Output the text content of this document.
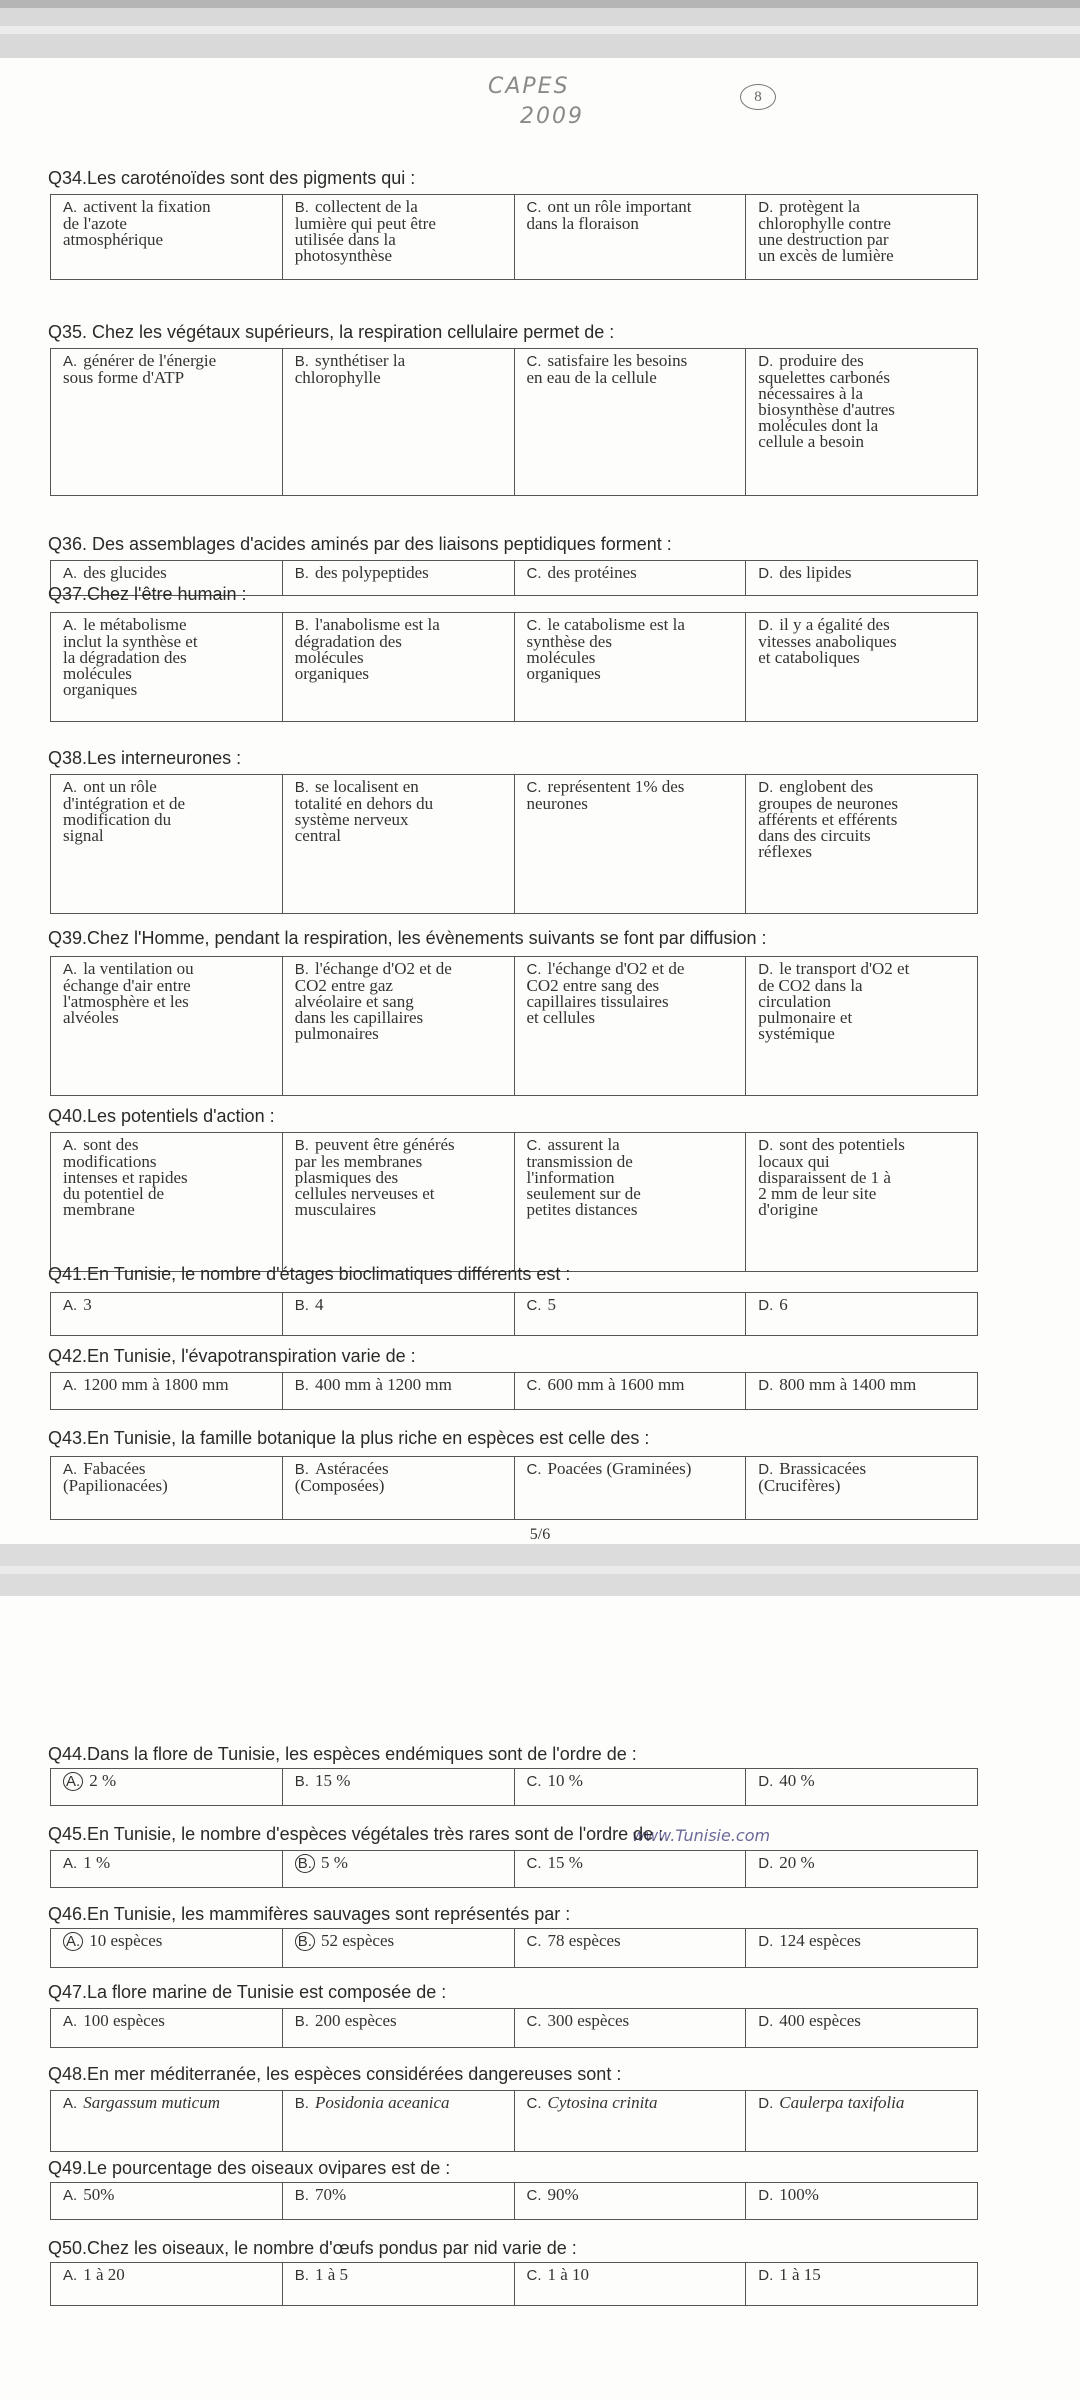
CAPES
2009
8
5/6
www.Tunisie.com
Q34.Les caroténoïdes sont des pigments qui :
A. activent la fixation
de l'azote
atmosphérique
B. collectent de la
lumière qui peut être
utilisée dans la
photosynthèse
C. ont un rôle important
dans la floraison
D. protègent la
chlorophylle contre
une destruction par
un excès de lumière
Q35. Chez les végétaux supérieurs, la respiration cellulaire permet de :
A. générer de l'énergie
sous forme d'ATP
B. synthétiser la
chlorophylle
C. satisfaire les besoins
en eau de la cellule
D. produire des
squelettes carbonés
nécessaires à la
biosynthèse d'autres
molécules dont la
cellule a besoin
Q36. Des assemblages d'acides aminés par des liaisons peptidiques forment :
A. des glucides	B. des polypeptides	C. des protéines	D. des lipides
Q37.Chez l'être humain :
A. le métabolisme
inclut la synthèse et
la dégradation des
molécules
organiques
B. l'anabolisme est la
dégradation des
molécules
organiques
C. le catabolisme est la
synthèse des
molécules
organiques
D. il y a égalité des
vitesses anaboliques
et cataboliques
Q38.Les interneurones :
A. ont un rôle
d'intégration et de
modification du
signal
B. se localisent en
totalité en dehors du
système nerveux
central
C. représentent 1% des
neurones
D. englobent des
groupes de neurones
afférents et efférents
dans des circuits
réflexes
Q39.Chez l'Homme, pendant la respiration, les évènements suivants se font par diffusion :
A. la ventilation ou
échange d'air entre
l'atmosphère et les
alvéoles
B. l'échange d'O2 et de
CO2 entre gaz
alvéolaire et sang
dans les capillaires
pulmonaires
C. l'échange d'O2 et de
CO2 entre sang des
capillaires tissulaires
et cellules
D. le transport d'O2 et
de CO2 dans la
circulation
pulmonaire et
systémique
Q40.Les potentiels d'action :
A. sont des
modifications
intenses et rapides
du potentiel de
membrane
B. peuvent être générés
par les membranes
plasmiques des
cellules nerveuses et
musculaires
C. assurent la
transmission de
l'information
seulement sur de
petites distances
D. sont des potentiels
locaux qui
disparaissent de 1 à
2 mm de leur site
d'origine
Q41.En Tunisie, le nombre d'étages bioclimatiques différents est :
A. 3	B. 4	C. 5	D. 6
Q42.En Tunisie, l'évapotranspiration varie de :
A. 1200 mm à 1800 mm	B. 400 mm à 1200 mm	C. 600 mm à 1600 mm	D. 800 mm à 1400 mm
Q43.En Tunisie, la famille botanique la plus riche en espèces est celle des :
A. Fabacées
(Papilionacées)
B. Astéracées
(Composées)
C. Poacées (Graminées)	D. Brassicacées
(Crucifères)
Q44.Dans la flore de Tunisie, les espèces endémiques sont de l'ordre de :
A. 2 %	B. 15 %	C. 10 %	D. 40 %
Q45.En Tunisie, le nombre d'espèces végétales très rares sont de l'ordre de :
A. 1 %	B. 5 %	C. 15 %	D. 20 %
Q46.En Tunisie, les mammifères sauvages sont représentés par :
A. 10 espèces	B. 52 espèces	C. 78 espèces	D. 124 espèces
Q47.La flore marine de Tunisie est composée de :
A. 100 espèces	B. 200 espèces	C. 300 espèces	D. 400 espèces
Q48.En mer méditerranée, les espèces considérées dangereuses sont :
A. Sargassum muticum	B. Posidonia aceanica	C. Cytosina crinita	D. Caulerpa taxifolia
Q49.Le pourcentage des oiseaux ovipares est de :
A. 50%	B. 70%	C. 90%	D. 100%
Q50.Chez les oiseaux, le nombre d'œufs pondus par nid varie de :
A. 1 à 20	B. 1 à 5	C. 1 à 10	D. 1 à 15
